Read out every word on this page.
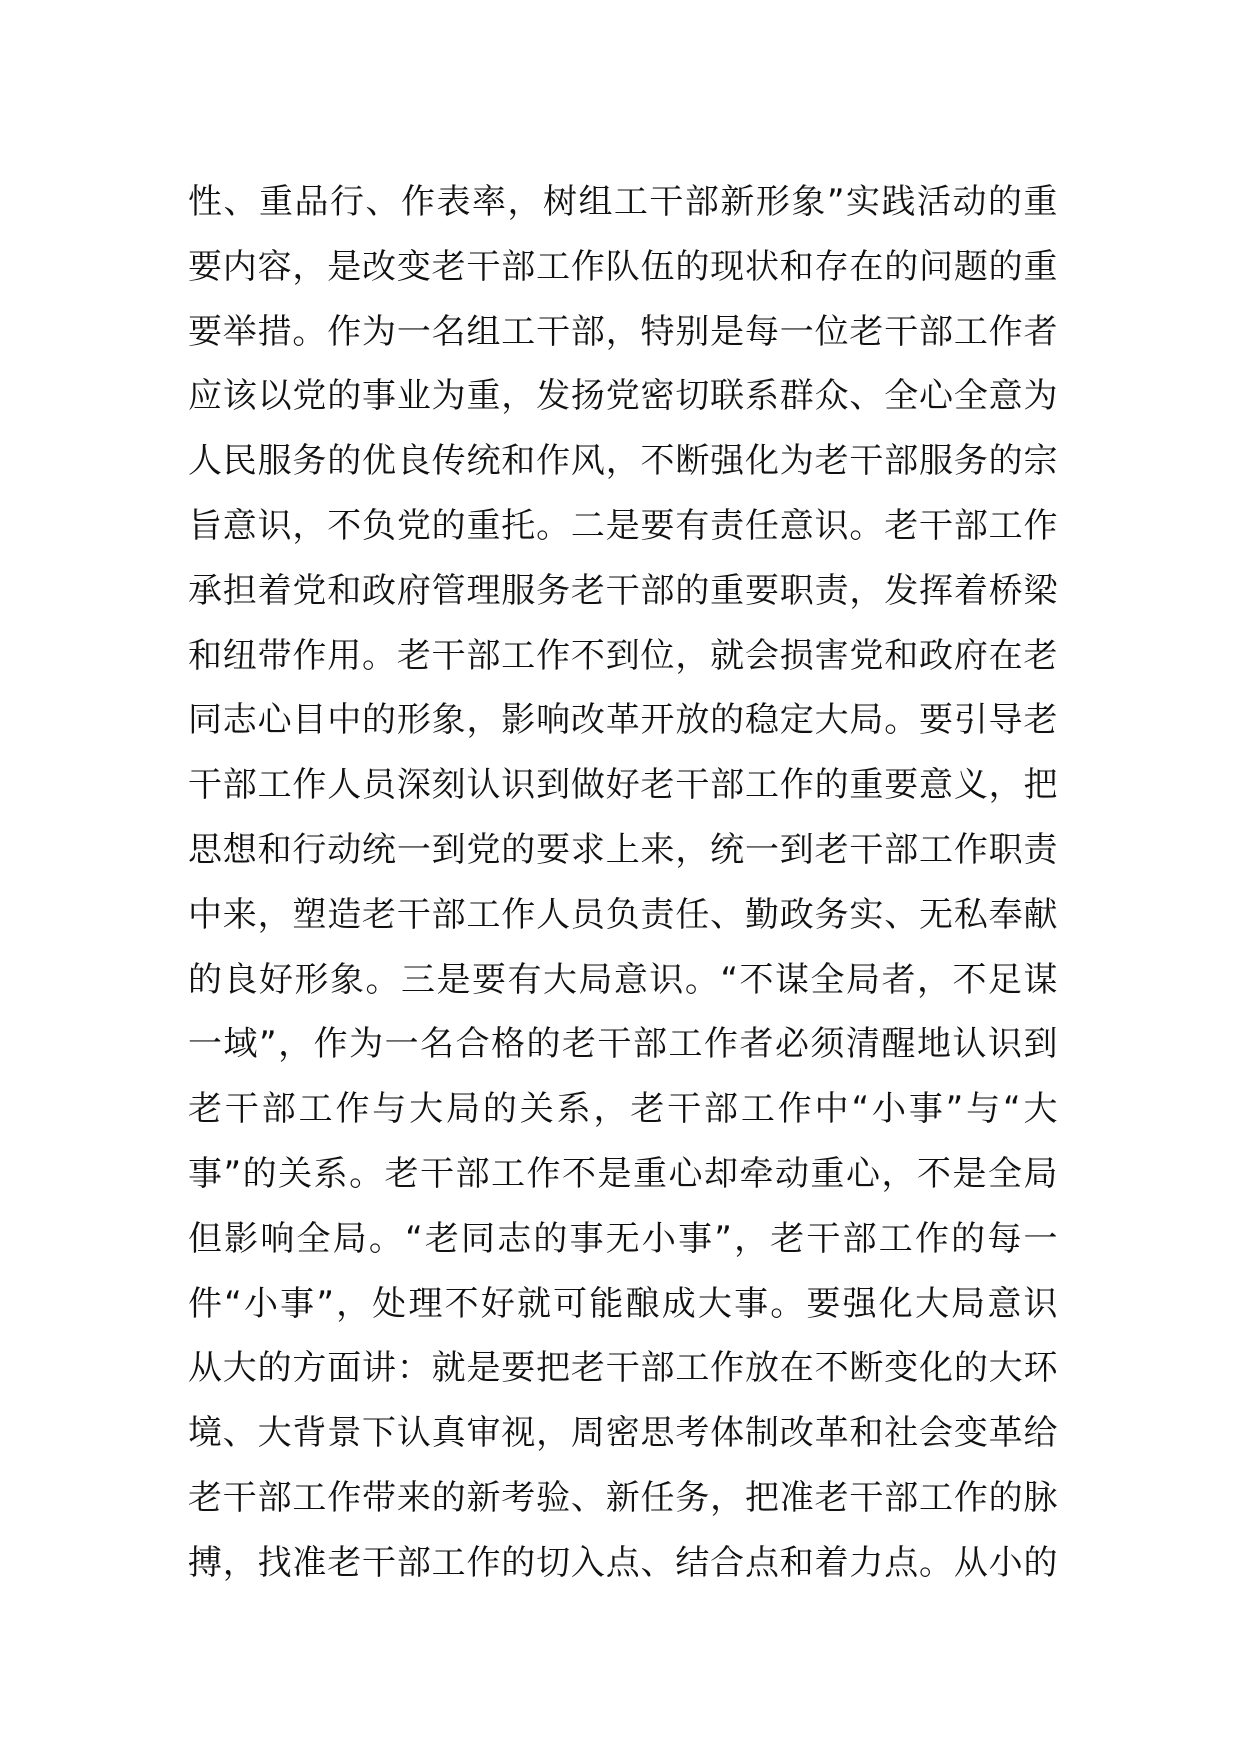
性、重品行、作表率，树组工干部新形象”实践活动的重
要内容，是改变老干部工作队伍的现状和存在的问题的重
要举措。作为一名组工干部，特别是每一位老干部工作者
应该以党的事业为重，发扬党密切联系群众、全心全意为
人民服务的优良传统和作风，不断强化为老干部服务的宗
旨意识，不负党的重托。二是要有责任意识。老干部工作
承担着党和政府管理服务老干部的重要职责，发挥着桥梁
和纽带作用。老干部工作不到位，就会损害党和政府在老
同志心目中的形象，影响改革开放的稳定大局。要引导老
干部工作人员深刻认识到做好老干部工作的重要意义，把
思想和行动统一到党的要求上来，统一到老干部工作职责
中来，塑造老干部工作人员负责任、勤政务实、无私奉献
的良好形象。三是要有大局意识。“不谋全局者，不足谋
一域”，作为一名合格的老干部工作者必须清醒地认识到
老干部工作与大局的关系，老干部工作中“小事”与“大
事”的关系。老干部工作不是重心却牵动重心，不是全局
但影响全局。“老同志的事无小事”，老干部工作的每一
件“小事”，处理不好就可能酿成大事。要强化大局意识
从大的方面讲：就是要把老干部工作放在不断变化的大环
境、大背景下认真审视，周密思考体制改革和社会变革给
老干部工作带来的新考验、新任务，把准老干部工作的脉
搏，找准老干部工作的切入点、结合点和着力点。从小的
